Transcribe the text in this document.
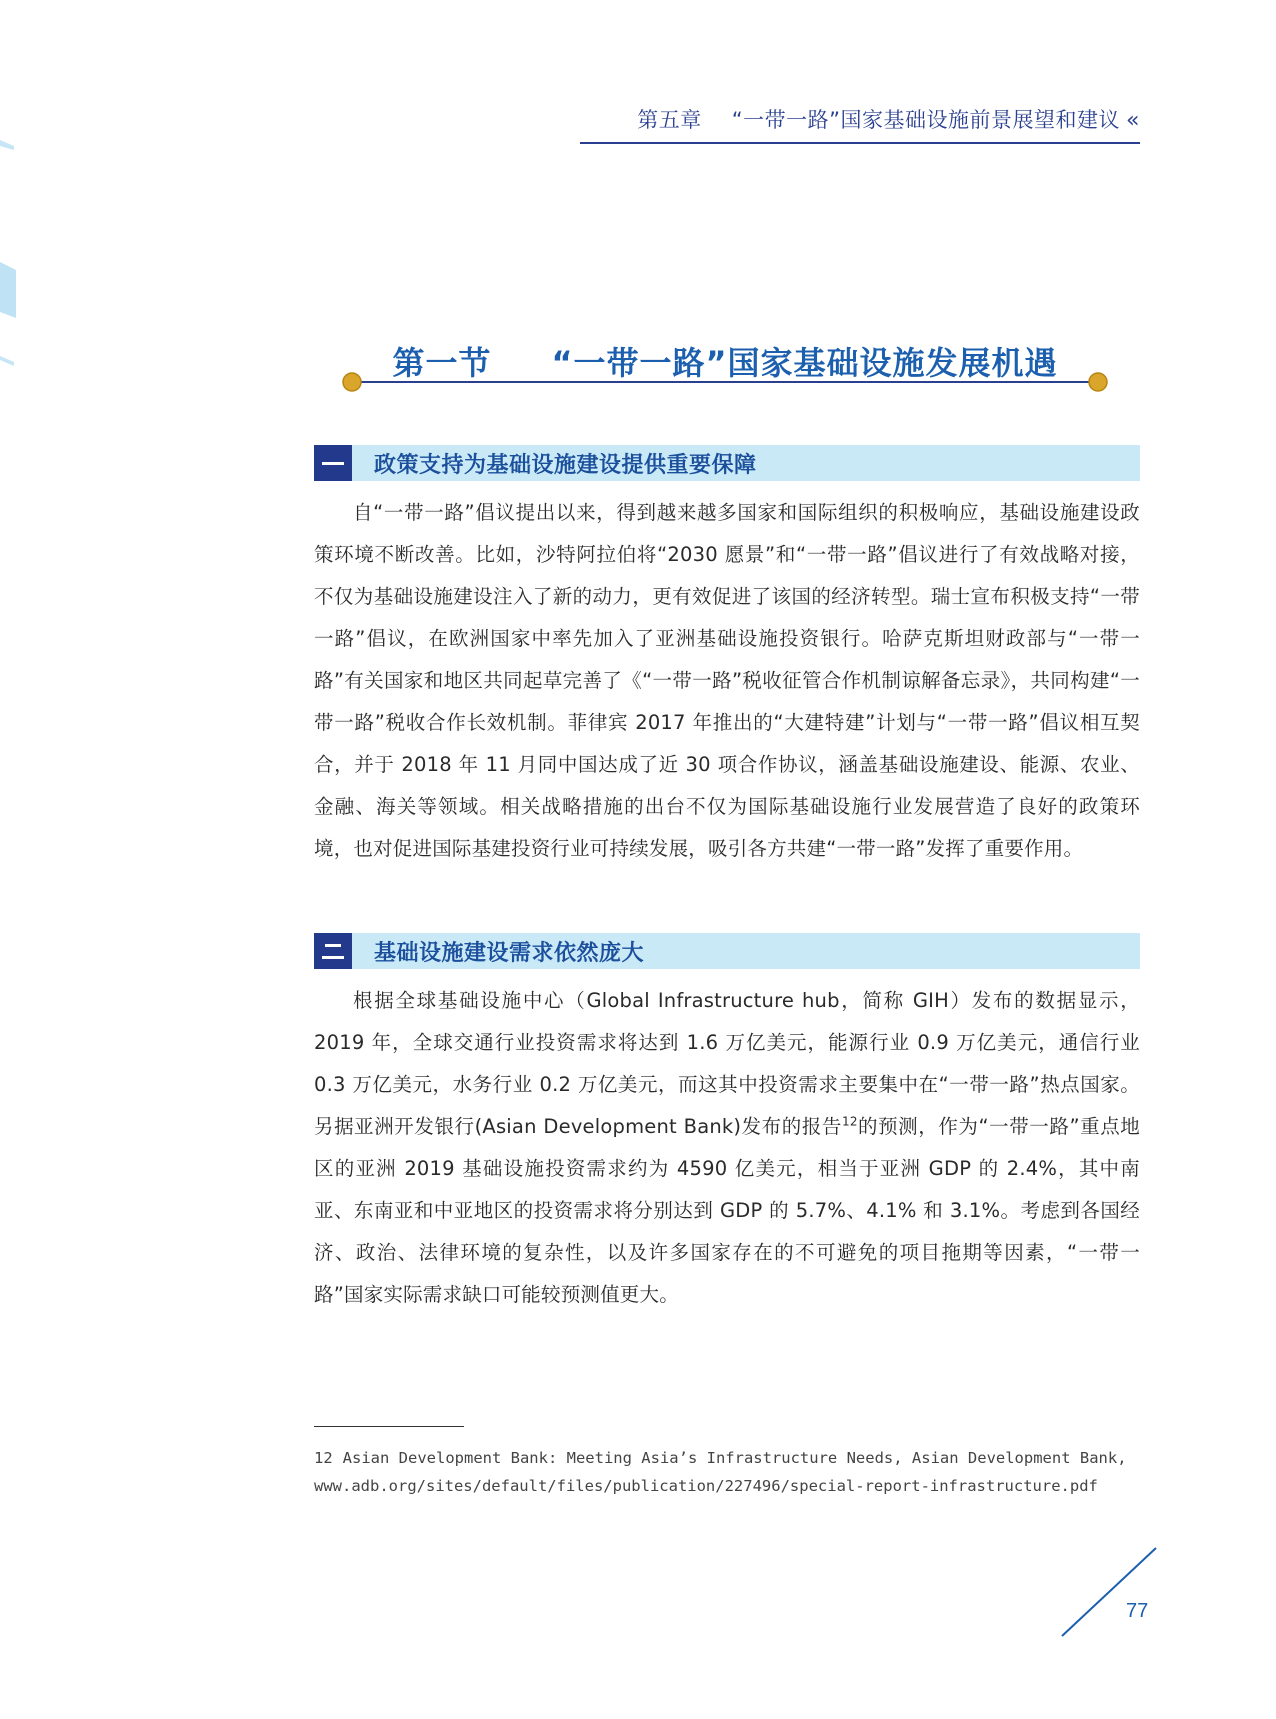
第五章 “一带一路”国家基础设施前景展望和建议 «
第一节 “一带一路”国家基础设施发展机遇
政策支持为基础设施建设提供重要保障

自“一带一路”倡议提出以来，得到越来越多国家和国际组织的积极响应，基础设施建设政策环境不断改善。比如，沙特阿拉伯将“2030 愿景”和“一带一路”倡议进行了有效战略对接，不仅为基础设施建设注入了新的动力，更有效促进了该国的经济转型。瑞士宣布积极支持“一带一路”倡议，在欧洲国家中率先加入了亚洲基础设施投资银行。哈萨克斯坦财政部与“一带一路”有关国家和地区共同起草完善了《“一带一路”税收征管合作机制谅解备忘录》，共同构建“一带一路”税收合作长效机制。菲律宾 2017 年推出的“大建特建”计划与“一带一路”倡议相互契合，并于 2018 年 11 月同中国达成了近 30 项合作协议，涵盖基础设施建设、能源、农业、金融、海关等领域。相关战略措施的出台不仅为国际基础设施行业发展营造了良好的政策环境，也对促进国际基建投资行业可持续发展，吸引各方共建“一带一路”发挥了重要作用。

基础设施建设需求依然庞大

根据全球基础设施中心（Global Infrastructure hub，简称 GIH）发布的数据显示，2019 年，全球交通行业投资需求将达到 1.6 万亿美元，能源行业 0.9 万亿美元，通信行业 0.3 万亿美元，水务行业 0.2 万亿美元，而这其中投资需求主要集中在“一带一路”热点国家。另据亚洲开发银行(Asian Development Bank)发布的报告$^{12}$的预测，作为“一带一路”重点地区的亚洲 2019 基础设施投资需求约为 4590 亿美元，相当于亚洲 GDP 的 2.4%，其中南亚、东南亚和中亚地区的投资需求将分别达到 GDP 的 5.7%、4.1% 和 3.1%。考虑到各国经济、政治、法律环境的复杂性，以及许多国家存在的不可避免的项目拖期等因素，“一带一路”国家实际需求缺口可能较预测值更大。

12 Asian Development Bank: Meeting Asia’s Infrastructure Needs, Asian Development Bank, www.adb.org/sites/default/files/publication/227496/special-report-infrastructure.pdf

77
